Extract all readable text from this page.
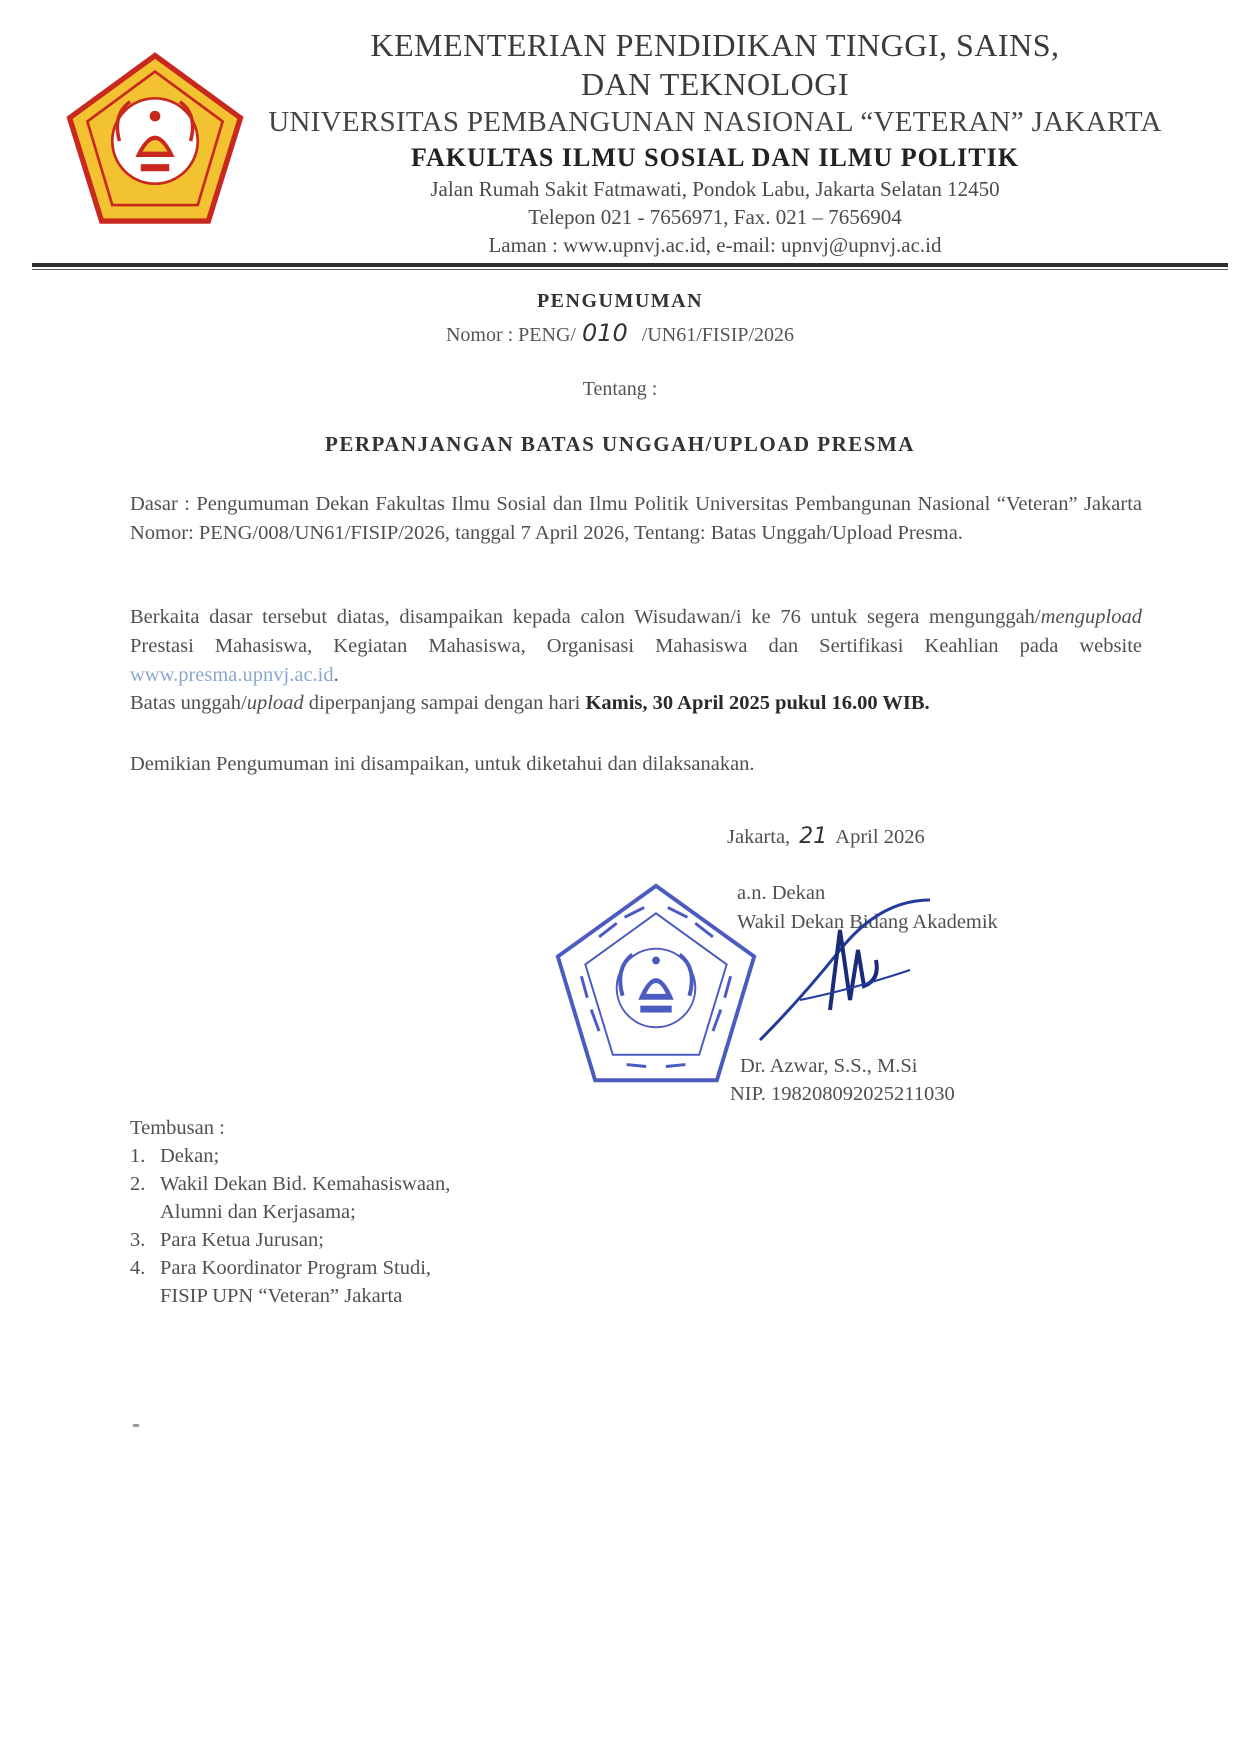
KEMENTERIAN PENDIDIKAN TINGGI, SAINS,
DAN TEKNOLOGI
UNIVERSITAS PEMBANGUNAN NASIONAL “VETERAN” JAKARTA
FAKULTAS ILMU SOSIAL DAN ILMU POLITIK
Jalan Rumah Sakit Fatmawati, Pondok Labu, Jakarta Selatan 12450
Telepon 021 - 7656971, Fax. 021 – 7656904
Laman : www.upnvj.ac.id, e-mail: upnvj@upnvj.ac.id
PENGUMUMAN
Nomor : PENG/ 010 /UN61/FISIP/2026
Tentang :
PERPANJANGAN BATAS UNGGAH/UPLOAD PRESMA
Dasar : Pengumuman Dekan Fakultas Ilmu Sosial dan Ilmu Politik Universitas Pembangunan Nasional “Veteran” Jakarta Nomor: PENG/008/UN61/FISIP/2026, tanggal 7 April 2026, Tentang: Batas Unggah/Upload Presma.
Berkaita dasar tersebut diatas, disampaikan kepada calon Wisudawan/i ke 76 untuk segera mengunggah/mengupload Prestasi Mahasiswa, Kegiatan Mahasiswa, Organisasi Mahasiswa dan Sertifikasi Keahlian pada website www.presma.upnvj.ac.id.
Batas unggah/upload diperpanjang sampai dengan hari Kamis, 30 April 2025 pukul 16.00 WIB.
Demikian Pengumuman ini disampaikan, untuk diketahui dan dilaksanakan.
Jakarta, 21 April 2026
a.n. Dekan
Wakil Dekan Bidang Akademik
Dr. Azwar, S.S., M.Si
NIP. 198208092025211030
Tembusan :
1. Dekan;
2. Wakil Dekan Bid. Kemahasiswaan,
Alumni dan Kerjasama;
3. Para Ketua Jurusan;
4. Para Koordinator Program Studi,
FISIP UPN “Veteran” Jakarta
